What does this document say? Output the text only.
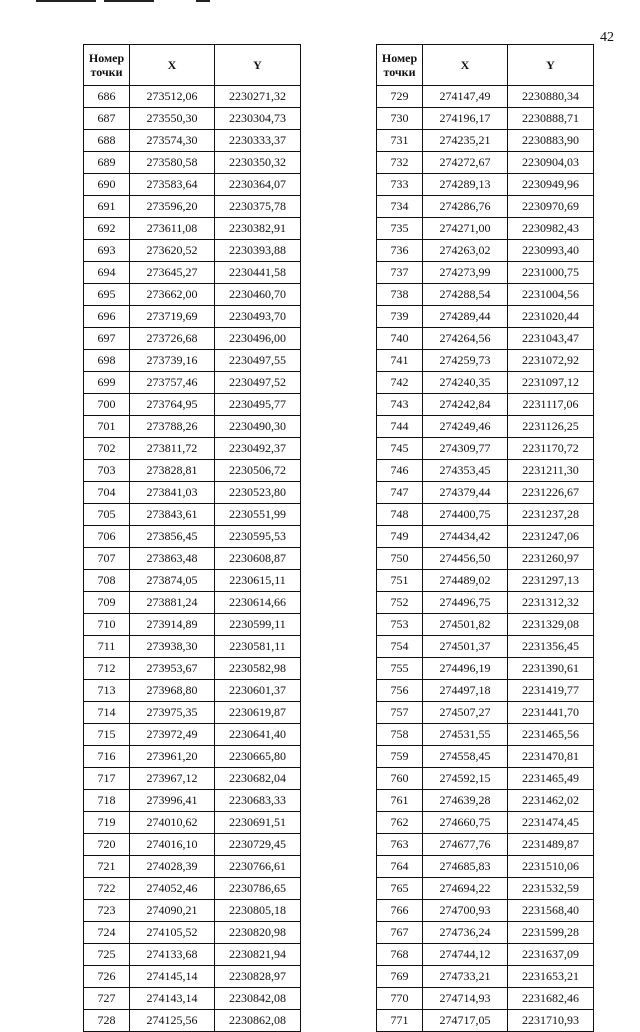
42
Номер точки	X	Y
686	273512,06	2230271,32
687	273550,30	2230304,73
688	273574,30	2230333,37
689	273580,58	2230350,32
690	273583,64	2230364,07
691	273596,20	2230375,78
692	273611,08	2230382,91
693	273620,52	2230393,88
694	273645,27	2230441,58
695	273662,00	2230460,70
696	273719,69	2230493,70
697	273726,68	2230496,00
698	273739,16	2230497,55
699	273757,46	2230497,52
700	273764,95	2230495,77
701	273788,26	2230490,30
702	273811,72	2230492,37
703	273828,81	2230506,72
704	273841,03	2230523,80
705	273843,61	2230551,99
706	273856,45	2230595,53
707	273863,48	2230608,87
708	273874,05	2230615,11
709	273881,24	2230614,66
710	273914,89	2230599,11
711	273938,30	2230581,11
712	273953,67	2230582,98
713	273968,80	2230601,37
714	273975,35	2230619,87
715	273972,49	2230641,40
716	273961,20	2230665,80
717	273967,12	2230682,04
718	273996,41	2230683,33
719	274010,62	2230691,51
720	274016,10	2230729,45
721	274028,39	2230766,61
722	274052,46	2230786,65
723	274090,21	2230805,18
724	274105,52	2230820,98
725	274133,68	2230821,94
726	274145,14	2230828,97
727	274143,14	2230842,08
728	274125,56	2230862,08
Номер точки	X	Y
729	274147,49	2230880,34
730	274196,17	2230888,71
731	274235,21	2230883,90
732	274272,67	2230904,03
733	274289,13	2230949,96
734	274286,76	2230970,69
735	274271,00	2230982,43
736	274263,02	2230993,40
737	274273,99	2231000,75
738	274288,54	2231004,56
739	274289,44	2231020,44
740	274264,56	2231043,47
741	274259,73	2231072,92
742	274240,35	2231097,12
743	274242,84	2231117,06
744	274249,46	2231126,25
745	274309,77	2231170,72
746	274353,45	2231211,30
747	274379,44	2231226,67
748	274400,75	2231237,28
749	274434,42	2231247,06
750	274456,50	2231260,97
751	274489,02	2231297,13
752	274496,75	2231312,32
753	274501,82	2231329,08
754	274501,37	2231356,45
755	274496,19	2231390,61
756	274497,18	2231419,77
757	274507,27	2231441,70
758	274531,55	2231465,56
759	274558,45	2231470,81
760	274592,15	2231465,49
761	274639,28	2231462,02
762	274660,75	2231474,45
763	274677,76	2231489,87
764	274685,83	2231510,06
765	274694,22	2231532,59
766	274700,93	2231568,40
767	274736,24	2231599,28
768	274744,12	2231637,09
769	274733,21	2231653,21
770	274714,93	2231682,46
771	274717,05	2231710,93
